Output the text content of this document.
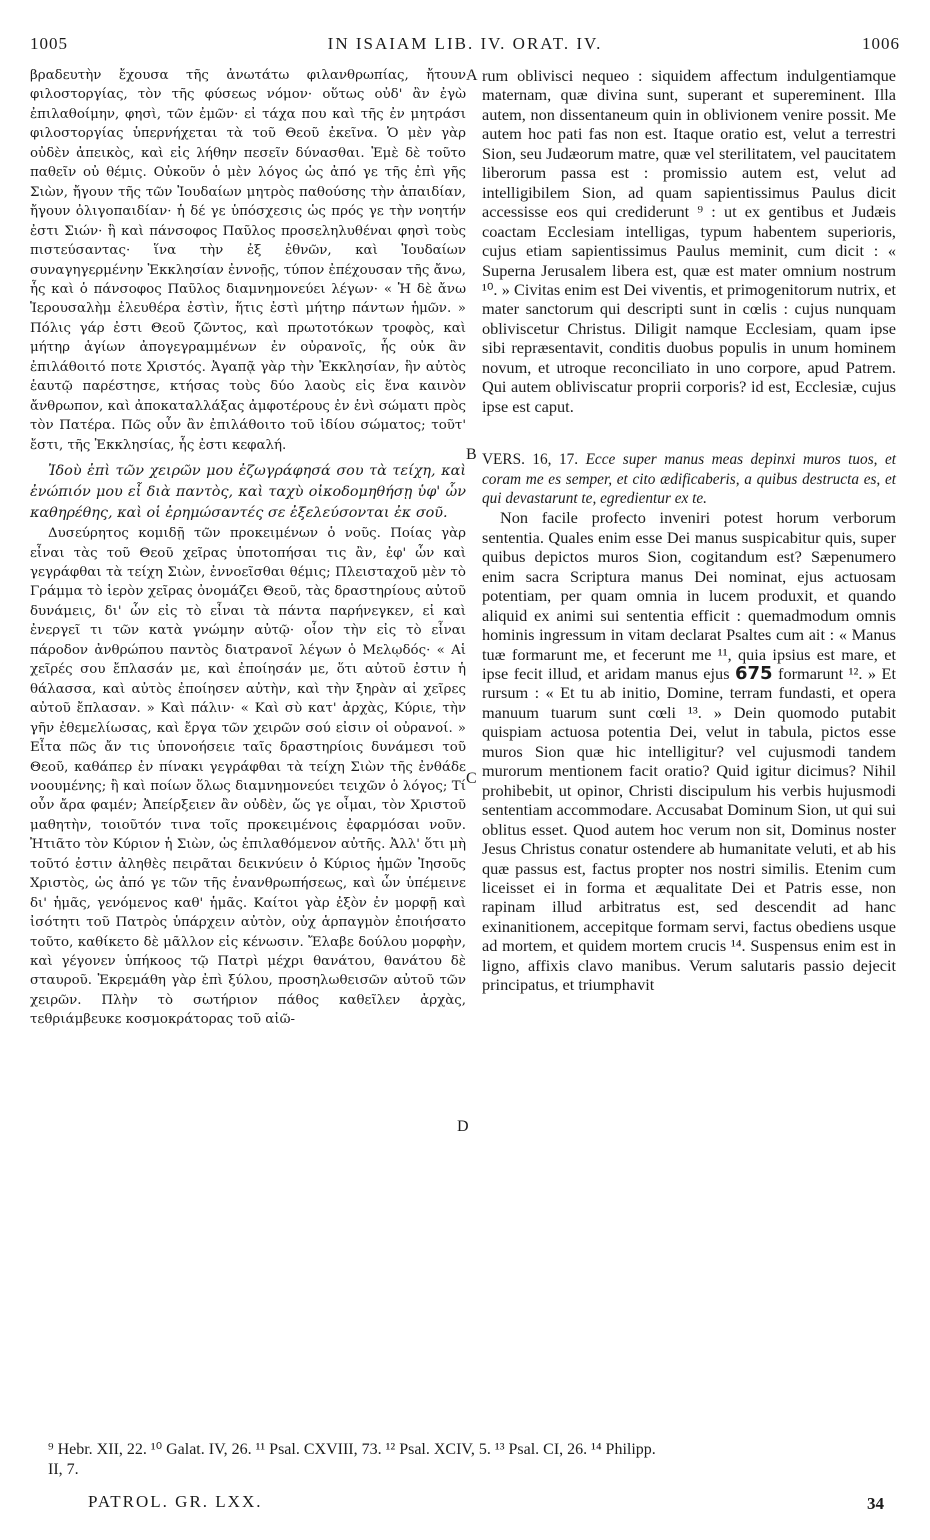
1005	IN ISAIAM LIB. IV. ORAT. IV.	1006

βραδευτὴν ἔχουσα τῆς ἀνωτάτω φιλανθρωπίας, ἤτουν φιλοστοργίας, τὸν τῆς φύσεως νόμον· οὕτως οὐδ' ἂν ἐγὼ ἐπιλαθοίμην, φησὶ, τῶν ἐμῶν· εἰ τάχα που καὶ τῆς ἐν μητράσι φιλοστοργίας ὑπερνήχεται τὰ τοῦ Θεοῦ ἐκεῖνα. Ὁ μὲν γὰρ οὐδὲν ἀπεικὸς, καὶ εἰς λήθην πεσεῖν δύνασθαι. Ἐμὲ δὲ τοῦτο παθεῖν οὐ θέμις. Οὐκοῦν ὁ μὲν λόγος ὡς ἀπό γε τῆς ἐπὶ γῆς Σιὼν, ἤγουν τῆς τῶν Ἰουδαίων μητρὸς παθούσης τὴν ἀπαιδίαν, ἤγουν ὀλιγοπαιδίαν· ἡ δέ γε ὑπόσχεσις ὡς πρός γε τὴν νοητήν ἐστι Σιών· ἣ καὶ πάνσοφος Παῦλος προσεληλυθέναι φησὶ τοὺς πιστεύσαντας· ἵνα τὴν ἐξ ἐθνῶν, καὶ Ἰουδαίων συναγηγερμένην Ἐκκλησίαν ἐννοῇς, τύπον ἐπέχουσαν τῆς ἄνω, ἧς καὶ ὁ πάνσοφος Παῦλος διαμνημονεύει λέγων· « Ἡ δὲ ἄνω Ἱερουσαλὴμ ἐλευθέρα ἐστὶν, ἥτις ἐστὶ μήτηρ πάντων ἡμῶν. » Πόλις γάρ ἐστι Θεοῦ ζῶντος, καὶ πρωτοτόκων τροφὸς, καὶ μήτηρ ἁγίων ἀπογεγραμμένων ἐν οὐρανοῖς, ἧς οὐκ ἂν ἐπιλάθοιτό ποτε Χριστός. Ἀγαπᾷ γὰρ τὴν Ἐκκλησίαν, ἣν αὐτὸς ἑαυτῷ παρέστησε, κτήσας τοὺς δύο λαοὺς εἰς ἕνα καινὸν ἄνθρωπον, καὶ ἀποκαταλλάξας ἀμφοτέρους ἐν ἑνὶ σώματι πρὸς τὸν Πατέρα. Πῶς οὖν ἂν ἐπιλάθοιτο τοῦ ἰδίου σώματος; τοῦτ' ἔστι, τῆς Ἐκκλησίας, ἧς ἐστι κεφαλή.

Ἰδοὺ ἐπὶ τῶν χειρῶν μου ἐζωγράφησά σου τὰ τείχη, καὶ ἐνώπιόν μου εἶ διὰ παντὸς, καὶ ταχὺ οἰκοδομηθήσῃ ὑφ' ὧν καθηρέθης, καὶ οἱ ἐρημώσαντές σε ἐξελεύσονται ἐκ σοῦ.

Δυσεύρητος κομιδῇ τῶν προκειμένων ὁ νοῦς. Ποίας γὰρ εἶναι τὰς τοῦ Θεοῦ χεῖρας ὑποτοπήσαι τις ἂν, ἐφ' ὧν καὶ γεγράφθαι τὰ τείχη Σιὼν, ἐννοεῖσθαι θέμις; Πλεισταχοῦ μὲν τὸ Γράμμα τὸ ἱερὸν χεῖρας ὀνομάζει Θεοῦ, τὰς δραστηρίους αὐτοῦ δυνάμεις, δι' ὧν εἰς τὸ εἶναι τὰ πάντα παρήνεγκεν, εἰ καὶ ἐνεργεῖ τι τῶν κατὰ γνώμην αὐτῷ· οἷον τὴν εἰς τὸ εἶναι πάροδον ἀνθρώπου παντὸς διατρανοῖ λέγων ὁ Μελῳδός· « Αἱ χεῖρές σου ἔπλασάν με, καὶ ἐποίησάν με, ὅτι αὐτοῦ ἐστιν ἡ θάλασσα, καὶ αὐτὸς ἐποίησεν αὐτὴν, καὶ τὴν ξηρὰν αἱ χεῖρες αὐτοῦ ἔπλασαν. » Καὶ πάλιν· « Καὶ σὺ κατ' ἀρχὰς, Κύριε, τὴν γῆν ἐθεμελίωσας, καὶ ἔργα τῶν χειρῶν σού εἰσιν οἱ οὐρανοί. » Εἶτα πῶς ἄν τις ὑπονοήσειε ταῖς δραστηρίοις δυνάμεσι τοῦ Θεοῦ, καθάπερ ἐν πίνακι γεγράφθαι τὰ τείχη Σιὼν τῆς ἐνθάδε νοουμένης; ἢ καὶ ποίων ὅλως διαμνημονεύει τειχῶν ὁ λόγος; Τί οὖν ἄρα φαμέν; Ἀπείρξειεν ἂν οὐδὲν, ὥς γε οἶμαι, τὸν Χριστοῦ μαθητὴν, τοιοῦτόν τινα τοῖς προκειμένοις ἐφαρμόσαι νοῦν. Ἠτιᾶτο τὸν Κύριον ἡ Σιὼν, ὡς ἐπιλαθόμενον αὐτῆς. Ἀλλ' ὅτι μὴ τοῦτό ἐστιν ἀληθὲς πειρᾶται δεικνύειν ὁ Κύριος ἡμῶν Ἰησοῦς Χριστὸς, ὡς ἀπό γε τῶν τῆς ἐνανθρωπήσεως, καὶ ὧν ὑπέμεινε δι' ἡμᾶς, γενόμενος καθ' ἡμᾶς. Καίτοι γὰρ ἐξὸν ἐν μορφῇ καὶ ἰσότητι τοῦ Πατρὸς ὑπάρχειν αὐτὸν, οὐχ ἁρπαγμὸν ἐποιήσατο τοῦτο, καθίκετο δὲ μᾶλλον εἰς κένωσιν. Ἔλαβε δούλου μορφὴν, καὶ γέγονεν ὑπήκοος τῷ Πατρὶ μέχρι θανάτου, θανάτου δὲ σταυροῦ. Ἐκρεμάθη γὰρ ἐπὶ ξύλου, προσηλωθεισῶν αὐτοῦ τῶν χειρῶν. Πλὴν τὸ σωτήριον πάθος καθεῖλεν ἀρχὰς, τεθριάμβευκε κοσμοκράτορας τοῦ αἰῶ-

rum oblivisci nequeo : siquidem affectum indulgentiamque maternam, quæ divina sunt, superant et supereminent. Illa autem, non dissentaneum quin in oblivionem venire possit. Me autem hoc pati fas non est. Itaque oratio est, velut a terrestri Sion, seu Judæorum matre, quæ vel sterilitatem, vel paucitatem liberorum passa est : promissio autem est, velut ad intelligibilem Sion, ad quam sapientissimus Paulus dicit accessisse eos qui crediderunt ⁹ : ut ex gentibus et Judæis coactam Ecclesiam intelligas, typum habentem superioris, cujus etiam sapientissimus Paulus meminit, cum dicit : « Superna Jerusalem libera est, quæ est mater omnium nostrum ¹⁰. » Civitas enim est Dei viventis, et primogenitorum nutrix, et mater sanctorum qui descripti sunt in cœlis : cujus nunquam obliviscetur Christus. Diligit namque Ecclesiam, quam ipse sibi repræsentavit, conditis duobus populis in unum hominem novum, et utroque reconciliato in uno corpore, apud Patrem. Qui autem obliviscatur proprii corporis? id est, Ecclesiæ, cujus ipse est caput.

VERS. 16, 17. Ecce super manus meas depinxi muros tuos, et coram me es semper, et cito ædificaberis, a quibus destructa es, et qui devastarunt te, egredientur ex te.

Non facile profecto inveniri potest horum verborum sententia. Quales enim esse Dei manus suspicabitur quis, super quibus depictos muros Sion, cogitandum est? Sæpenumero enim sacra Scriptura manus Dei nominat, ejus actuosam potentiam, per quam omnia in lucem produxit, et quando aliquid ex animi sui sententia efficit : quemadmodum omnis hominis ingressum in vitam declarat Psaltes cum ait : « Manus tuæ formarunt me, et fecerunt me ¹¹, quia ipsius est mare, et ipse fecit illud, et aridam manus ejus 675 formarunt ¹². » Et rursum : « Et tu ab initio, Domine, terram fundasti, et opera manuum tuarum sunt cœli ¹³. » Dein quomodo putabit quispiam actuosa potentia Dei, velut in tabula, pictos esse muros Sion quæ hic intelligitur? vel cujusmodi tandem murorum mentionem facit oratio? Quid igitur dicimus? Nihil prohibebit, ut opinor, Christi discipulum his verbis hujusmodi sententiam accommodare. Accusabat Dominum Sion, ut qui sui oblitus esset. Quod autem hoc verum non sit, Dominus noster Jesus Christus conatur ostendere ab humanitate veluti, et ab his quæ passus est, factus propter nos nostri similis. Etenim cum liceisset ei in forma et æqualitate Dei et Patris esse, non rapinam illud arbitratus est, sed descendit ad hanc exinanitionem, accepitque formam servi, factus obediens usque ad mortem, et quidem mortem crucis ¹⁴. Suspensus enim est in ligno, affixis clavo manibus. Verum salutaris passio dejecit principatus, et triumphavit

A
B
C
D
⁹ Hebr. XII, 22. ¹⁰ Galat. IV, 26. ¹¹ Psal. CXVIII, 73. ¹² Psal. XCIV, 5. ¹³ Psal. CI, 26. ¹⁴ Philipp.
II, 7.
PATROL. GR. LXX.	34
